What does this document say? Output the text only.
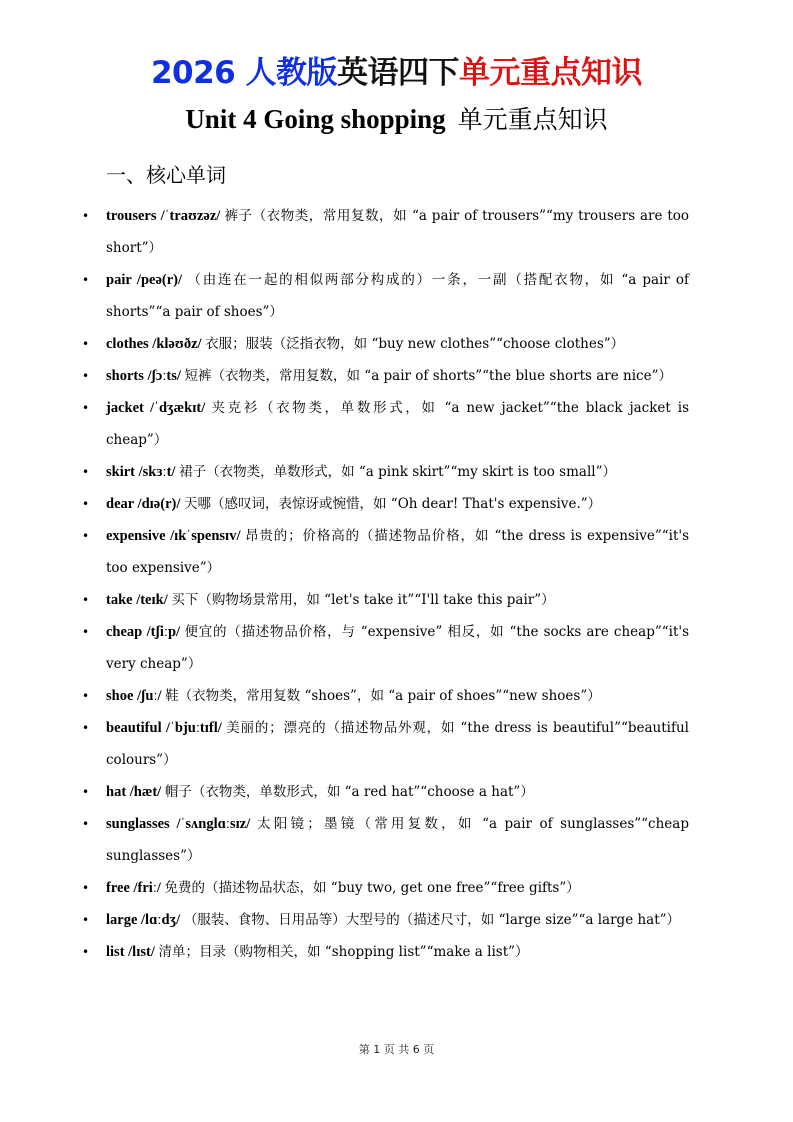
2026 人教版英语四下单元重点知识
Unit 4 Going shopping 单元重点知识
一、核心单词
• trousers /ˈtraʊzəz/ 裤子（衣物类，常用复数，如 “a pair of trousers”“my trousers are too short”）
• pair /peə(r)/ （由连在一起的相似两部分构成的）一条，一副（搭配衣物，如 “a pair of shorts”“a pair of shoes”）
• clothes /kləʊðz/ 衣服；服装（泛指衣物，如 “buy new clothes”“choose clothes”）
• shorts /ʃɔːts/ 短裤（衣物类，常用复数，如 “a pair of shorts”“the blue shorts are nice”）
• jacket /ˈdʒækɪt/ 夹克衫（衣物类，单数形式，如 “a new jacket”“the black jacket is cheap”）
• skirt /skɜːt/ 裙子（衣物类，单数形式，如 “a pink skirt”“my skirt is too small”）
• dear /dɪə(r)/ 天哪（感叹词，表惊讶或惋惜，如 “Oh dear! That's expensive.”）
• expensive /ɪkˈspensɪv/ 昂贵的；价格高的（描述物品价格，如 “the dress is expensive”“it's too expensive”）
• take /teɪk/ 买下（购物场景常用，如 “let's take it”“I'll take this pair”）
• cheap /tʃiːp/ 便宜的（描述物品价格，与 “expensive” 相反，如 “the socks are cheap”“it's very cheap”）
• shoe /ʃuː/ 鞋（衣物类，常用复数 “shoes”，如 “a pair of shoes”“new shoes”）
• beautiful /ˈbjuːtɪfl/ 美丽的；漂亮的（描述物品外观，如 “the dress is beautiful”“beautiful colours”）
• hat /hæt/ 帽子（衣物类，单数形式，如 “a red hat”“choose a hat”）
• sunglasses /ˈsʌnglɑːsɪz/ 太阳镜；墨镜（常用复数，如 “a pair of sunglasses”“cheap sunglasses”）
• free /friː/ 免费的（描述物品状态，如 “buy two, get one free”“free gifts”）
• large /lɑːdʒ/ （服装、食物、日用品等）大型号的（描述尺寸，如 “large size”“a large hat”）
• list /lɪst/ 清单；目录（购物相关，如 “shopping list”“make a list”）
第 1 页 共 6 页
